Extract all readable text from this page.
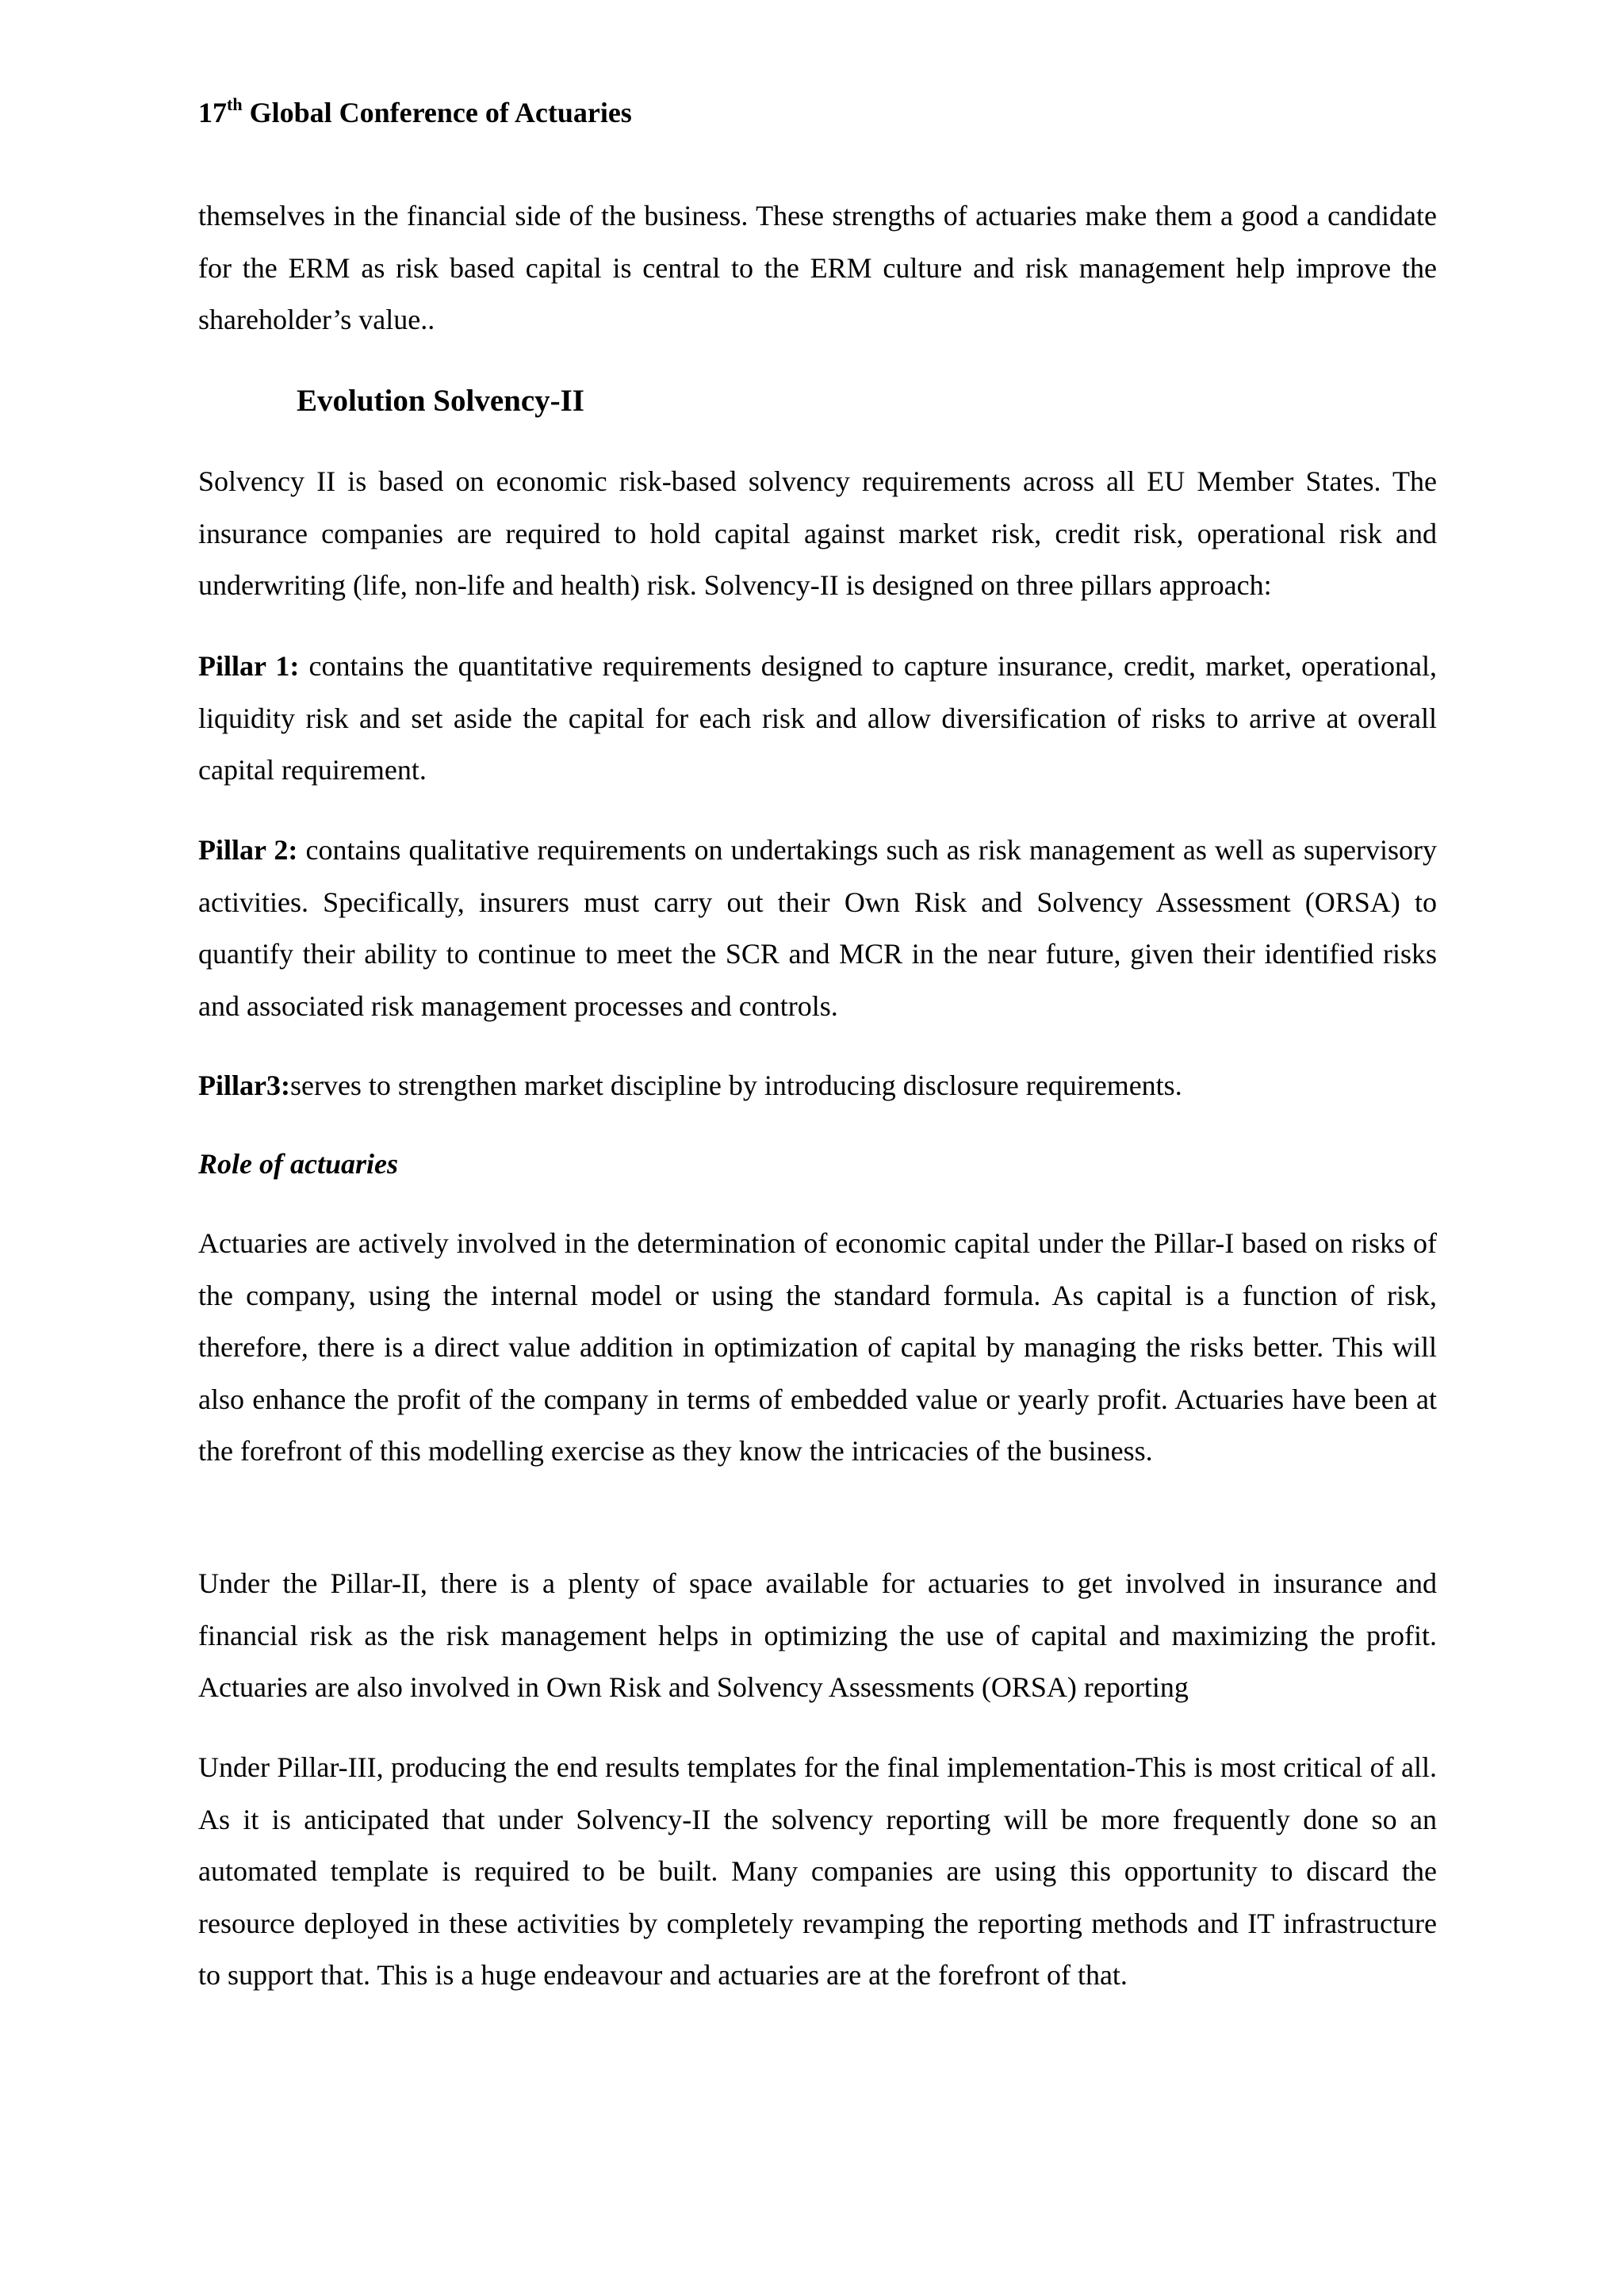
17th Global Conference of Actuaries

themselves in the financial side of the business. These strengths of actuaries make them a good a candidate for the ERM as risk based capital is central to the ERM culture and risk management help improve the shareholder’s value..

Evolution Solvency-II

Solvency II is based on economic risk-based solvency requirements across all EU Member States. The insurance companies are required to hold capital against market risk, credit risk, operational risk and underwriting (life, non-life and health) risk. Solvency-II is designed on three pillars approach:

Pillar 1: contains the quantitative requirements designed to capture insurance, credit, market, operational, liquidity risk and set aside the capital for each risk and allow diversification of risks to arrive at overall capital requirement.

Pillar 2: contains qualitative requirements on undertakings such as risk management as well as supervisory activities. Specifically, insurers must carry out their Own Risk and Solvency Assessment (ORSA) to quantify their ability to continue to meet the SCR and MCR in the near future, given their identified risks and associated risk management processes and controls.

Pillar3:serves to strengthen market discipline by introducing disclosure requirements.

Role of actuaries

Actuaries are actively involved in the determination of economic capital under the Pillar-I based on risks of the company, using the internal model or using the standard formula. As capital is a function of risk, therefore, there is a direct value addition in optimization of capital by managing the risks better. This will also enhance the profit of the company in terms of embedded value or yearly profit. Actuaries have been at the forefront of this modelling exercise as they know the intricacies of the business.

Under the Pillar-II, there is a plenty of space available for actuaries to get involved in insurance and financial risk as the risk management helps in optimizing the use of capital and maximizing the profit. Actuaries are also involved in Own Risk and Solvency Assessments (ORSA) reporting

Under Pillar-III, producing the end results templates for the final implementation-This is most critical of all. As it is anticipated that under Solvency-II the solvency reporting will be more frequently done so an automated template is required to be built. Many companies are using this opportunity to discard the resource deployed in these activities by completely revamping the reporting methods and IT infrastructure to support that. This is a huge endeavour and actuaries are at the forefront of that.
